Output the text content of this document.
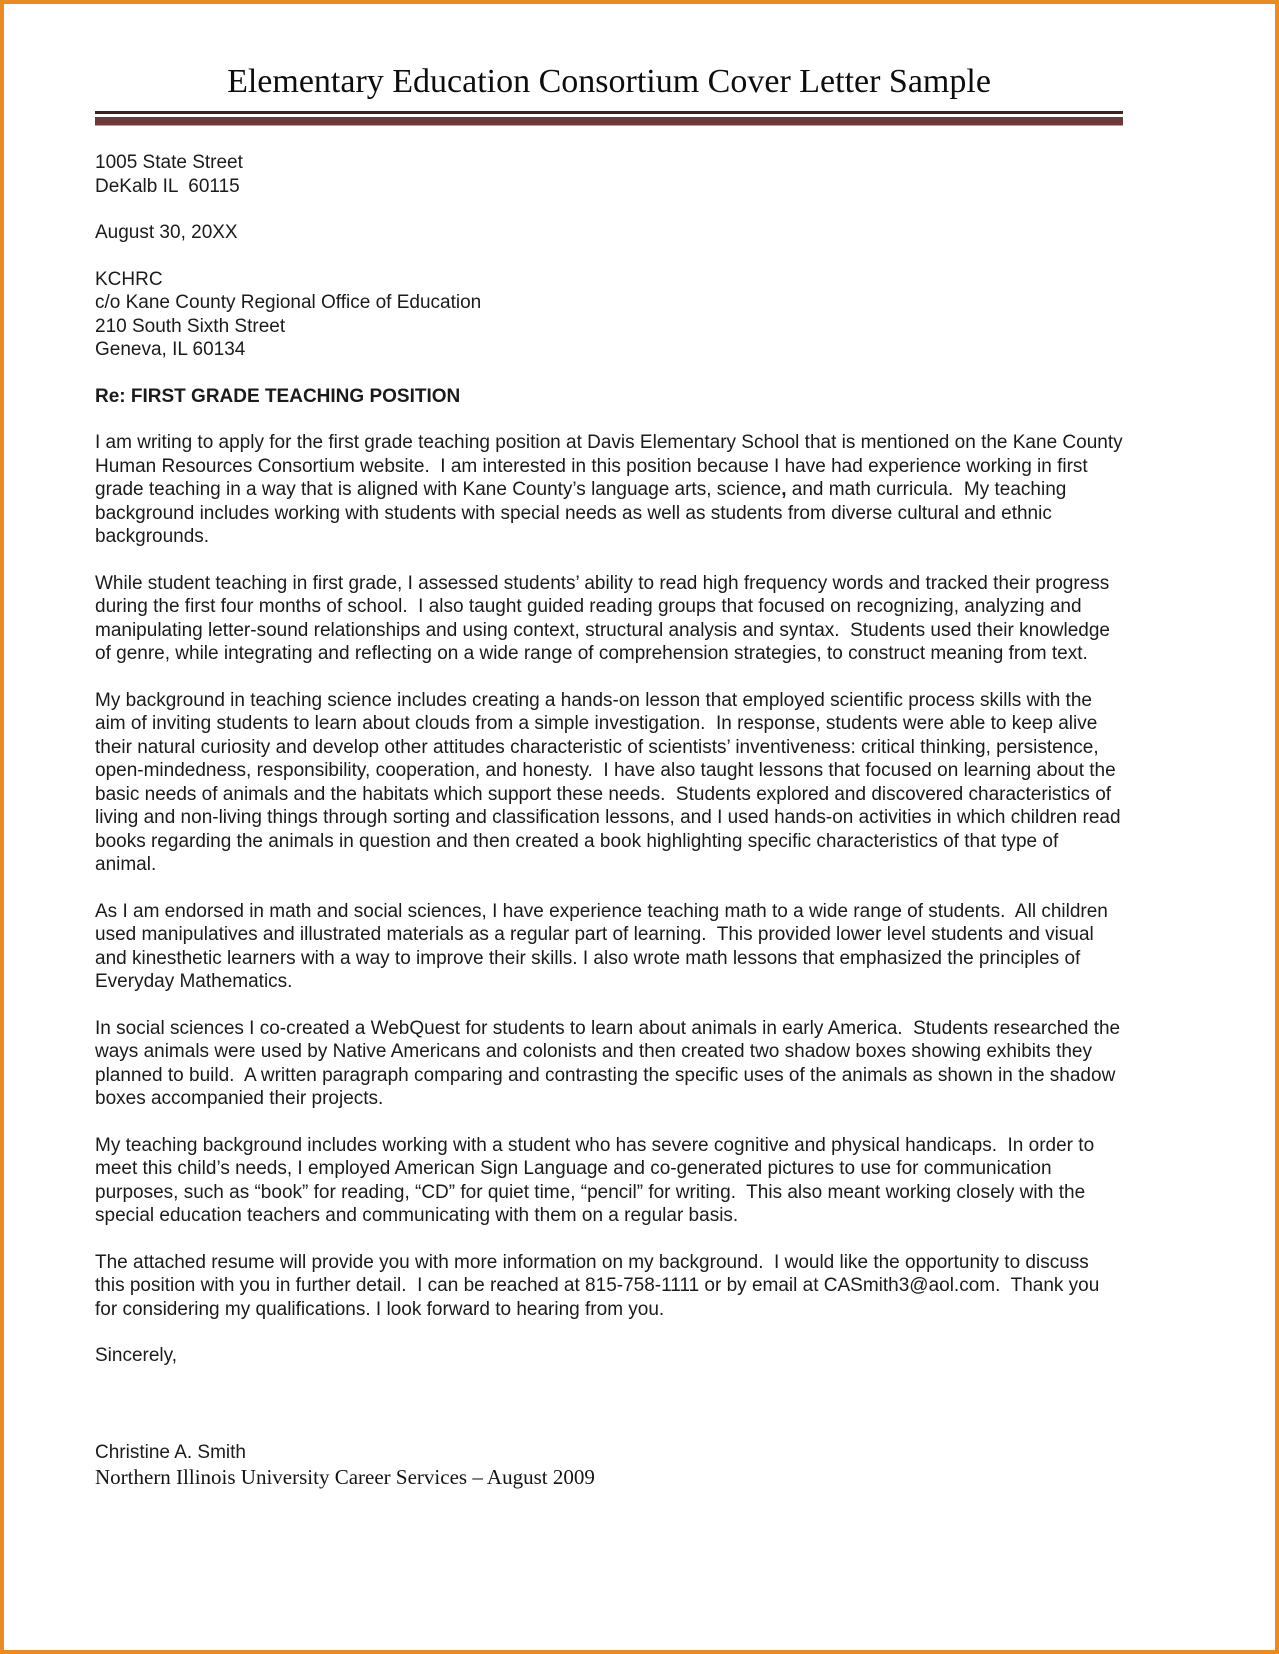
Elementary Education Consortium Cover Letter Sample
1005 State Street
DeKalb IL  60115
August 30, 20XX
KCHRC
c/o Kane County Regional Office of Education
210 South Sixth Street
Geneva, IL 60134
Re: FIRST GRADE TEACHING POSITION

I am writing to apply for the first grade teaching position at Davis Elementary School that is mentioned on the Kane County Human Resources Consortium website.  I am interested in this position because I have had experience working in first grade teaching in a way that is aligned with Kane County’s language arts, science, and math curricula.  My teaching background includes working with students with special needs as well as students from diverse cultural and ethnic backgrounds.

While student teaching in first grade, I assessed students’ ability to read high frequency words and tracked their progress during the first four months of school.  I also taught guided reading groups that focused on recognizing, analyzing and manipulating letter-sound relationships and using context, structural analysis and syntax.  Students used their knowledge of genre, while integrating and reflecting on a wide range of comprehension strategies, to construct meaning from text.

My background in teaching science includes creating a hands-on lesson that employed scientific process skills with the aim of inviting students to learn about clouds from a simple investigation.  In response, students were able to keep alive their natural curiosity and develop other attitudes characteristic of scientists’ inventiveness: critical thinking, persistence, open-mindedness, responsibility, cooperation, and honesty.  I have also taught lessons that focused on learning about the basic needs of animals and the habitats which support these needs.  Students explored and discovered characteristics of living and non-living things through sorting and classification lessons, and I used hands-on activities in which children read books regarding the animals in question and then created a book highlighting specific characteristics of that type of animal.

As I am endorsed in math and social sciences, I have experience teaching math to a wide range of students.  All children used manipulatives and illustrated materials as a regular part of learning.  This provided lower level students and visual and kinesthetic learners with a way to improve their skills. I also wrote math lessons that emphasized the principles of Everyday Mathematics.

In social sciences I co-created a WebQuest for students to learn about animals in early America.  Students researched the ways animals were used by Native Americans and colonists and then created two shadow boxes showing exhibits they planned to build.  A written paragraph comparing and contrasting the specific uses of the animals as shown in the shadow boxes accompanied their projects.

My teaching background includes working with a student who has severe cognitive and physical handicaps.  In order to meet this child’s needs, I employed American Sign Language and co-generated pictures to use for communication purposes, such as “book” for reading, “CD” for quiet time, “pencil” for writing.  This also meant working closely with the special education teachers and communicating with them on a regular basis.

The attached resume will provide you with more information on my background.  I would like the opportunity to discuss this position with you in further detail.  I can be reached at 815-758-1111 or by email at CASmith3@aol.com.  Thank you for considering my qualifications. I look forward to hearing from you.

Sincerely,
Christine A. Smith
Northern Illinois University Career Services – August 2009
